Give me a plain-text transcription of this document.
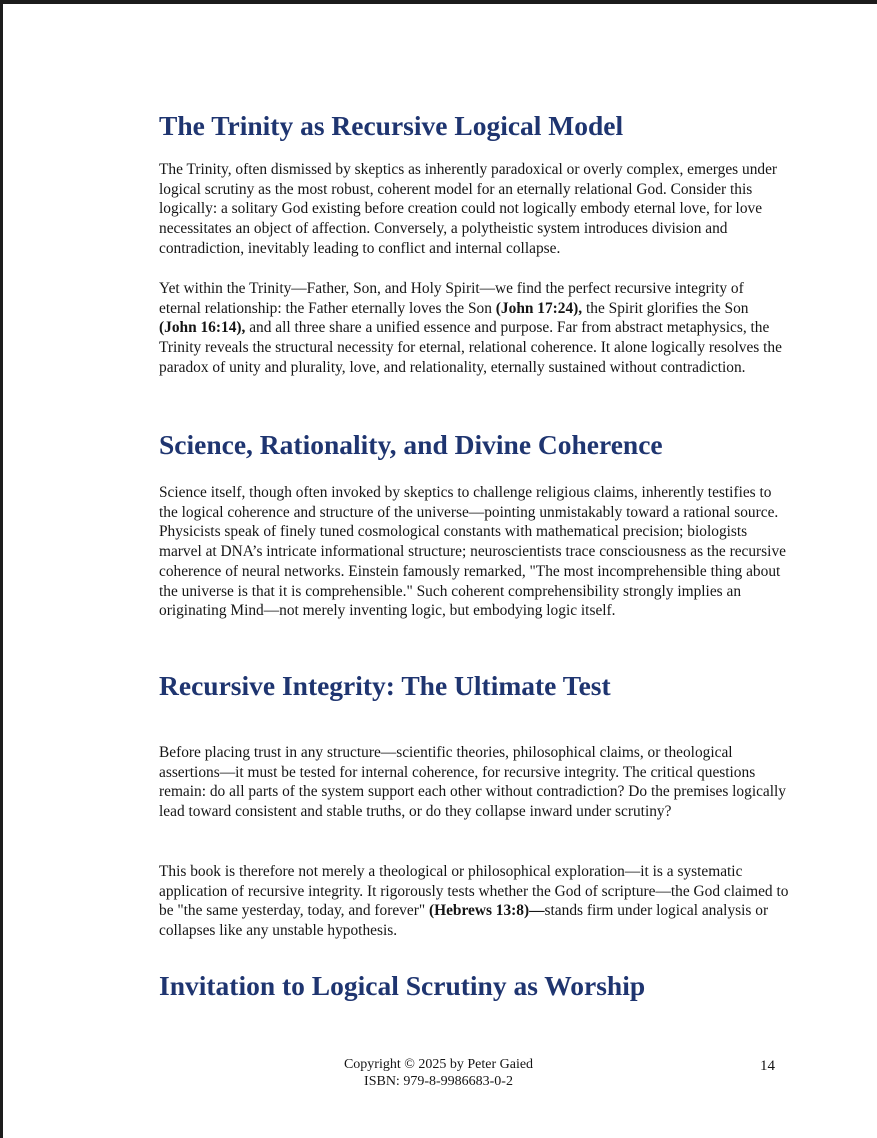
The Trinity as Recursive Logical Model

The Trinity, often dismissed by skeptics as inherently paradoxical or overly complex, emerges under logical scrutiny as the most robust, coherent model for an eternally relational God. Consider this logically: a solitary God existing before creation could not logically embody eternal love, for love necessitates an object of affection. Conversely, a polytheistic system introduces division and contradiction, inevitably leading to conflict and internal collapse.

Yet within the Trinity—Father, Son, and Holy Spirit—we find the perfect recursive integrity of eternal relationship: the Father eternally loves the Son (John 17:24), the Spirit glorifies the Son (John 16:14), and all three share a unified essence and purpose. Far from abstract metaphysics, the Trinity reveals the structural necessity for eternal, relational coherence. It alone logically resolves the paradox of unity and plurality, love, and relationality, eternally sustained without contradiction.

Science, Rationality, and Divine Coherence

Science itself, though often invoked by skeptics to challenge religious claims, inherently testifies to the logical coherence and structure of the universe—pointing unmistakably toward a rational source. Physicists speak of finely tuned cosmological constants with mathematical precision; biologists marvel at DNA’s intricate informational structure; neuroscientists trace consciousness as the recursive coherence of neural networks. Einstein famously remarked, "The most incomprehensible thing about the universe is that it is comprehensible." Such coherent comprehensibility strongly implies an originating Mind—not merely inventing logic, but embodying logic itself.

Recursive Integrity: The Ultimate Test

Before placing trust in any structure—scientific theories, philosophical claims, or theological assertions—it must be tested for internal coherence, for recursive integrity. The critical questions remain: do all parts of the system support each other without contradiction? Do the premises logically lead toward consistent and stable truths, or do they collapse inward under scrutiny?

This book is therefore not merely a theological or philosophical exploration—it is a systematic application of recursive integrity. It rigorously tests whether the God of scripture—the God claimed to be "the same yesterday, today, and forever" (Hebrews 13:8)—stands firm under logical analysis or collapses like any unstable hypothesis.

Invitation to Logical Scrutiny as Worship
Copyright © 2025 by Peter Gaied
ISBN: 979-8-9986683-0-2
14
